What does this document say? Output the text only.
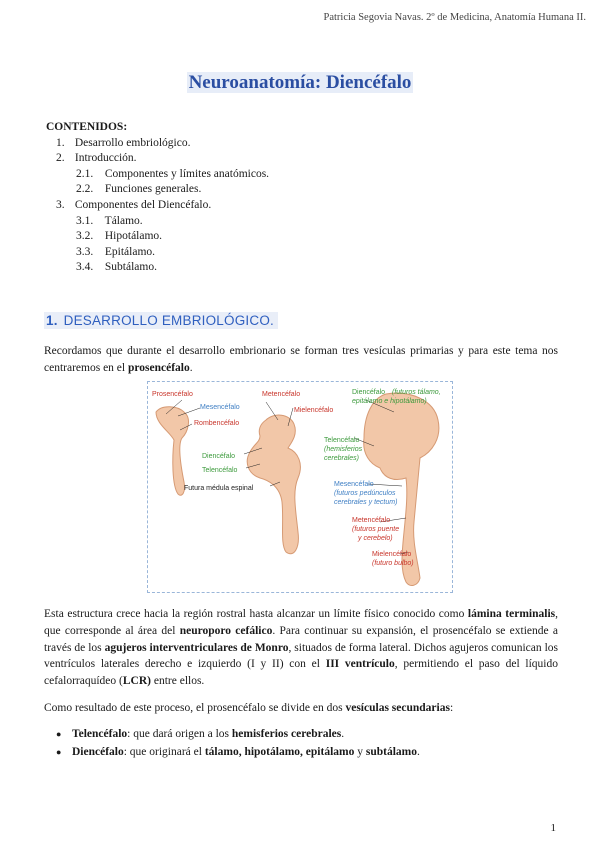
Patricia Segovia Navas. 2º de Medicina, Anatomía Humana II.
Neuroanatomía: Diencéfalo
CONTENIDOS:
1. Desarrollo embriológico.
2. Introducción.
2.1. Componentes y límites anatómicos.
2.2. Funciones generales.
3. Componentes del Diencéfalo.
3.1. Tálamo.
3.2. Hipotálamo.
3.3. Epitálamo.
3.4. Subtálamo.
1. DESARROLLO EMBRIOLÓGICO.
Recordamos que durante el desarrollo embrionario se forman tres vesículas primarias y para este tema nos centraremos en el prosencéfalo.
Prosencéfalo
Mesencéfalo
Rombencéfalo
Metencéfalo
Mielencéfalo
Diencéfalo
Telencéfalo
Futura médula espinal
Diencéfalo (futuros tálamo,
epitálamo e hipotálamo)
Telencéfalo
(hemisferios
cerebrales)
Mesencéfalo
(futuros pedúnculos
cerebrales y tectum)
Metencéfalo
(futuros puente
y cerebelo)
Mielencéfalo
(futuro bulbo)
Esta estructura crece hacia la región rostral hasta alcanzar un límite físico conocido como lámina terminalis, que corresponde al área del neuroporo cefálico. Para continuar su expansión, el prosencéfalo se extiende a través de los agujeros interventriculares de Monro, situados de forma lateral. Dichos agujeros comunican los ventrículos laterales derecho e izquierdo (I y II) con el III ventrículo, permitiendo el paso del líquido cefalorraquídeo (LCR) entre ellos.
Como resultado de este proceso, el prosencéfalo se divide en dos vesículas secundarias:
● Telencéfalo: que dará origen a los hemisferios cerebrales.
● Diencéfalo: que originará el tálamo, hipotálamo, epitálamo y subtálamo.
1
